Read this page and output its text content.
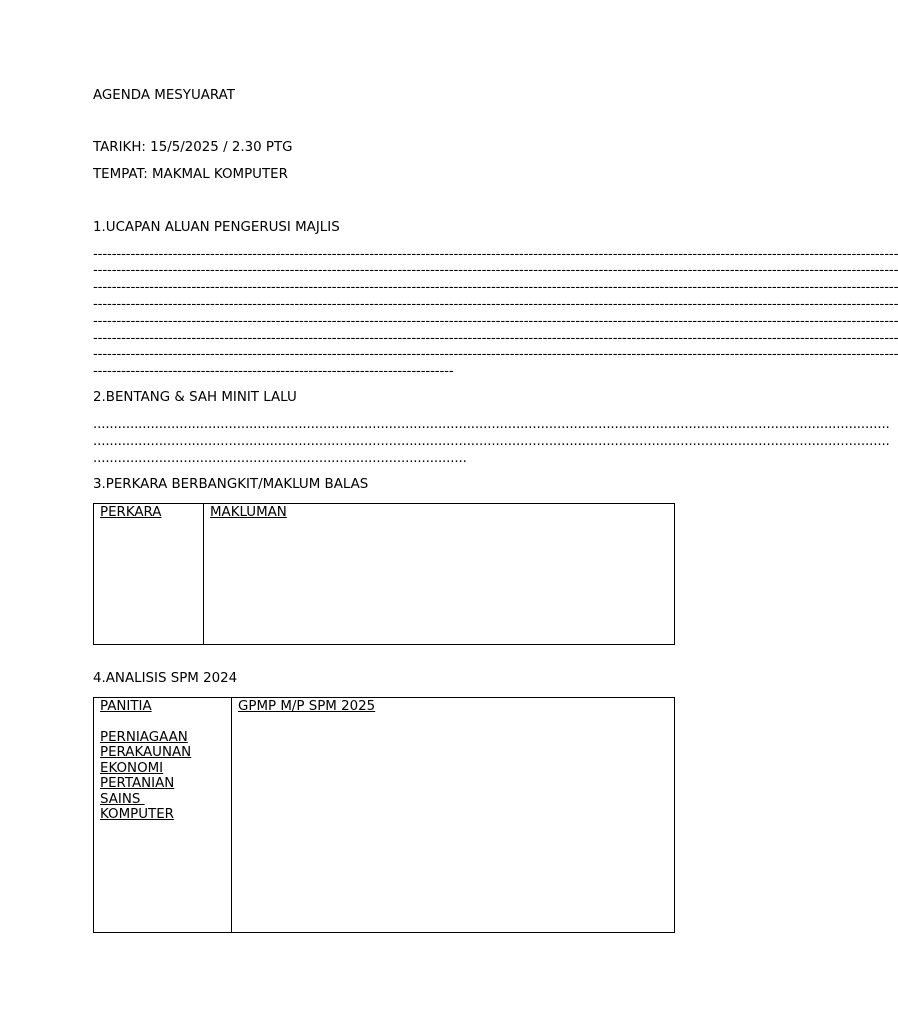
AGENDA MESYUARAT
TARIKH: 15/5/2025 / 2.30 PTG
TEMPAT: MAKMAL KOMPUTER
1.UCAPAN ALUAN PENGERUSI MAJLIS
----------------------------------------------------------------------------------------------------------------------------------------------------------------------------
----------------------------------------------------------------------------------------------------------------------------------------------------------------------------
----------------------------------------------------------------------------------------------------------------------------------------------------------------------------
----------------------------------------------------------------------------------------------------------------------------------------------------------------------------
----------------------------------------------------------------------------------------------------------------------------------------------------------------------------
----------------------------------------------------------------------------------------------------------------------------------------------------------------------------
----------------------------------------------------------------------------------------------------------------------------------------------------------------------------
-----------------------------------------------------------------------------
2.BENTANG & SAH MINIT LALU
..................................................................................................................................................................................................
..................................................................................................................................................................................................
...........................................................................................
3.PERKARA BERBANGKIT/MAKLUM BALAS
PERKARA	MAKLUMAN
4.ANALISIS SPM 2024
PANITIA
PERNIAGAAN
PERAKAUNAN
EKONOMI
PERTANIAN
SAINS
KOMPUTER
GPMP M/P SPM 2025
